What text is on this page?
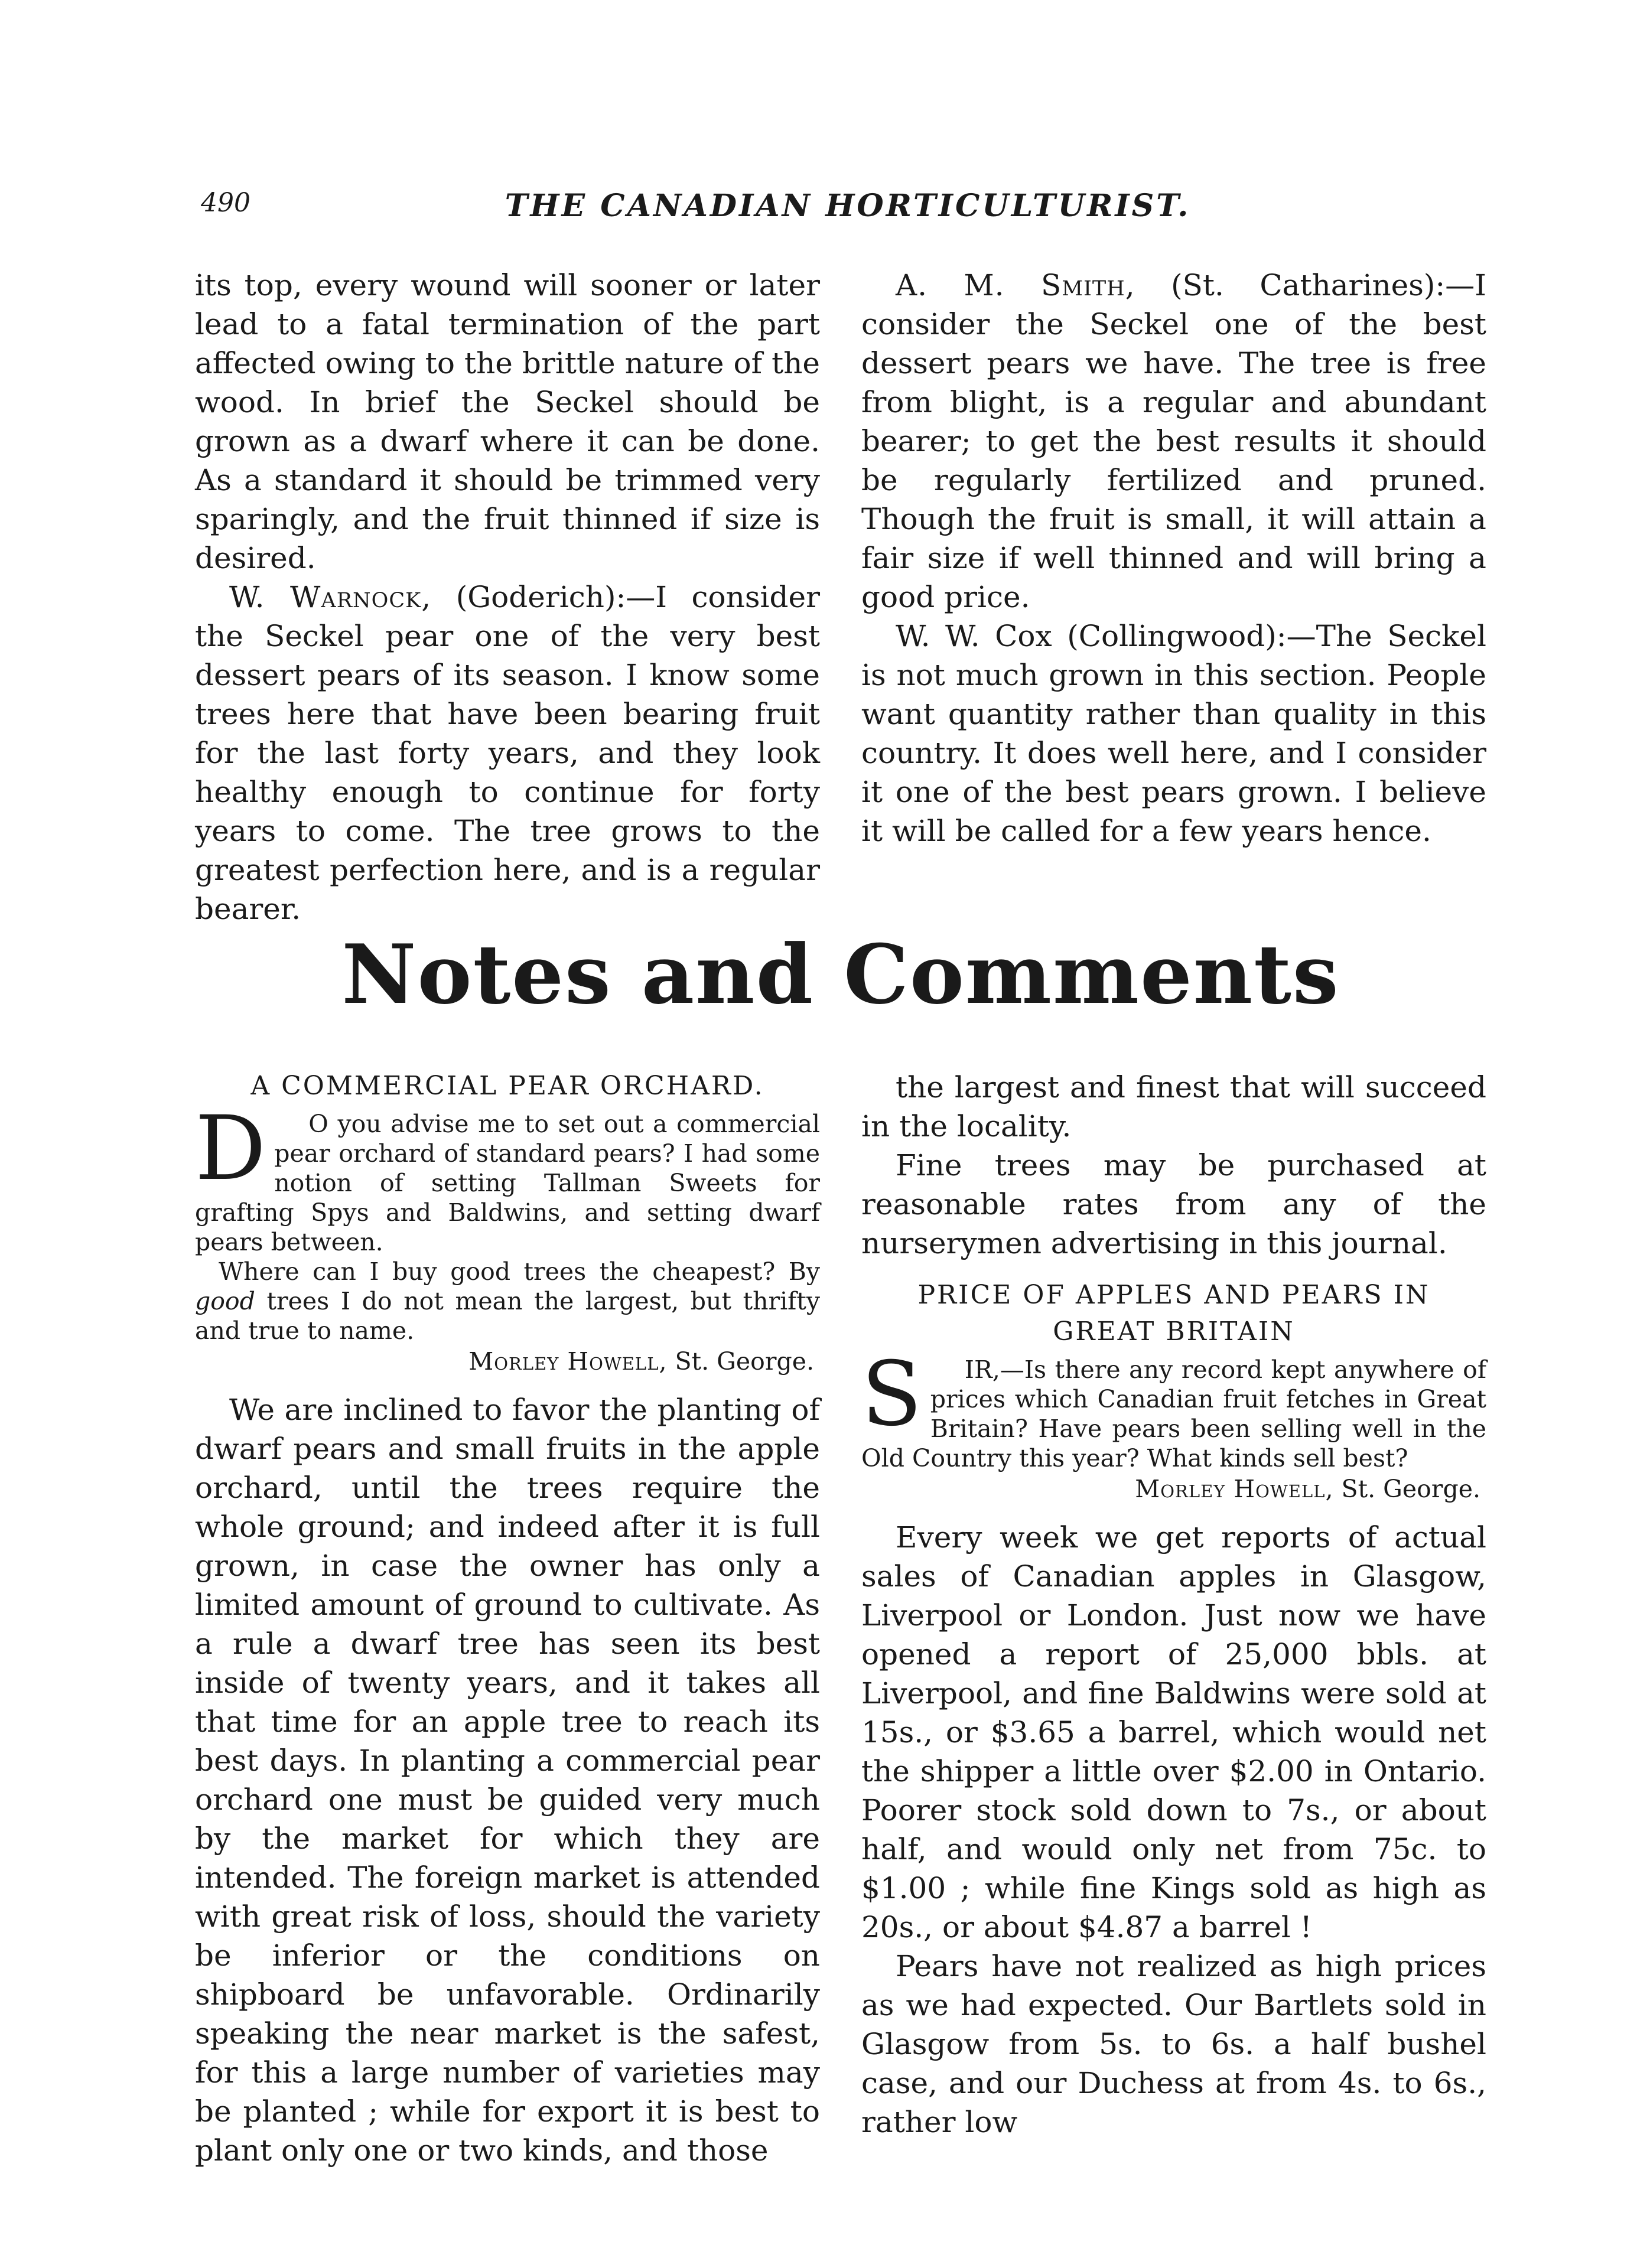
490	THE CANADIAN HORTICULTURIST.

its top, every wound will sooner or later lead to a fatal termination of the part affected owing to the brittle nature of the wood. In brief the Seckel should be grown as a dwarf where it can be done. As a standard it should be trimmed very sparingly, and the fruit thinned if size is desired.

W. Warnock, (Goderich):—I consider the Seckel pear one of the very best dessert pears of its season. I know some trees here that have been bearing fruit for the last forty years, and they look healthy enough to continue for forty years to come. The tree grows to the greatest perfection here, and is a regular bearer.

A. M. Smith, (St. Catharines):—I consider the Seckel one of the best dessert pears we have. The tree is free from blight, is a regular and abundant bearer; to get the best results it should be regularly fertilized and pruned. Though the fruit is small, it will attain a fair size if well thinned and will bring a good price.

W. W. Cox (Collingwood):—The Seckel is not much grown in this section. People want quantity rather than quality in this country. It does well here, and I consider it one of the best pears grown. I believe it will be called for a few years hence.

Notes and Comments
A COMMERCIAL PEAR ORCHARD.
D	O you advise me to set out a commercial pear orchard of standard pears? I had some notion of setting Tallman Sweets for grafting Spys and Baldwins, and setting dwarf pears between.

Where can I buy good trees the cheapest? By good trees I do not mean the largest, but thrifty and true to name.

Morley Howell, St. George.

We are inclined to favor the planting of dwarf pears and small fruits in the apple orchard, until the trees require the whole ground; and indeed after it is full grown, in case the owner has only a limited amount of ground to cultivate. As a rule a dwarf tree has seen its best inside of twenty years, and it takes all that time for an apple tree to reach its best days. In planting a commercial pear orchard one must be guided very much by the market for which they are intended. The foreign market is attended with great risk of loss, should the variety be inferior or the conditions on shipboard be unfavorable. Ordinarily speaking the near market is the safest, for this a large number of varieties may be planted ; while for export it is best to plant only one or two kinds, and those

the largest and finest that will succeed in the locality.

Fine trees may be purchased at reasonable rates from any of the nurserymen advertising in this journal.

PRICE OF APPLES AND PEARS IN GREAT BRITAIN
S	IR,—Is there any record kept anywhere of prices which Canadian fruit fetches in Great Britain? Have pears been selling well in the Old Country this year? What kinds sell best?

Morley Howell, St. George.

Every week we get reports of actual sales of Canadian apples in Glasgow, Liverpool or London. Just now we have opened a report of 25,000 bbls. at Liverpool, and fine Baldwins were sold at 15s., or $3.65 a barrel, which would net the shipper a little over $2.00 in Ontario. Poorer stock sold down to 7s., or about half, and would only net from 75c. to $1.00 ; while fine Kings sold as high as 20s., or about $4.87 a barrel !

Pears have not realized as high prices as we had expected. Our Bartlets sold in Glasgow from 5s. to 6s. a half bushel case, and our Duchess at from 4s. to 6s., rather low
